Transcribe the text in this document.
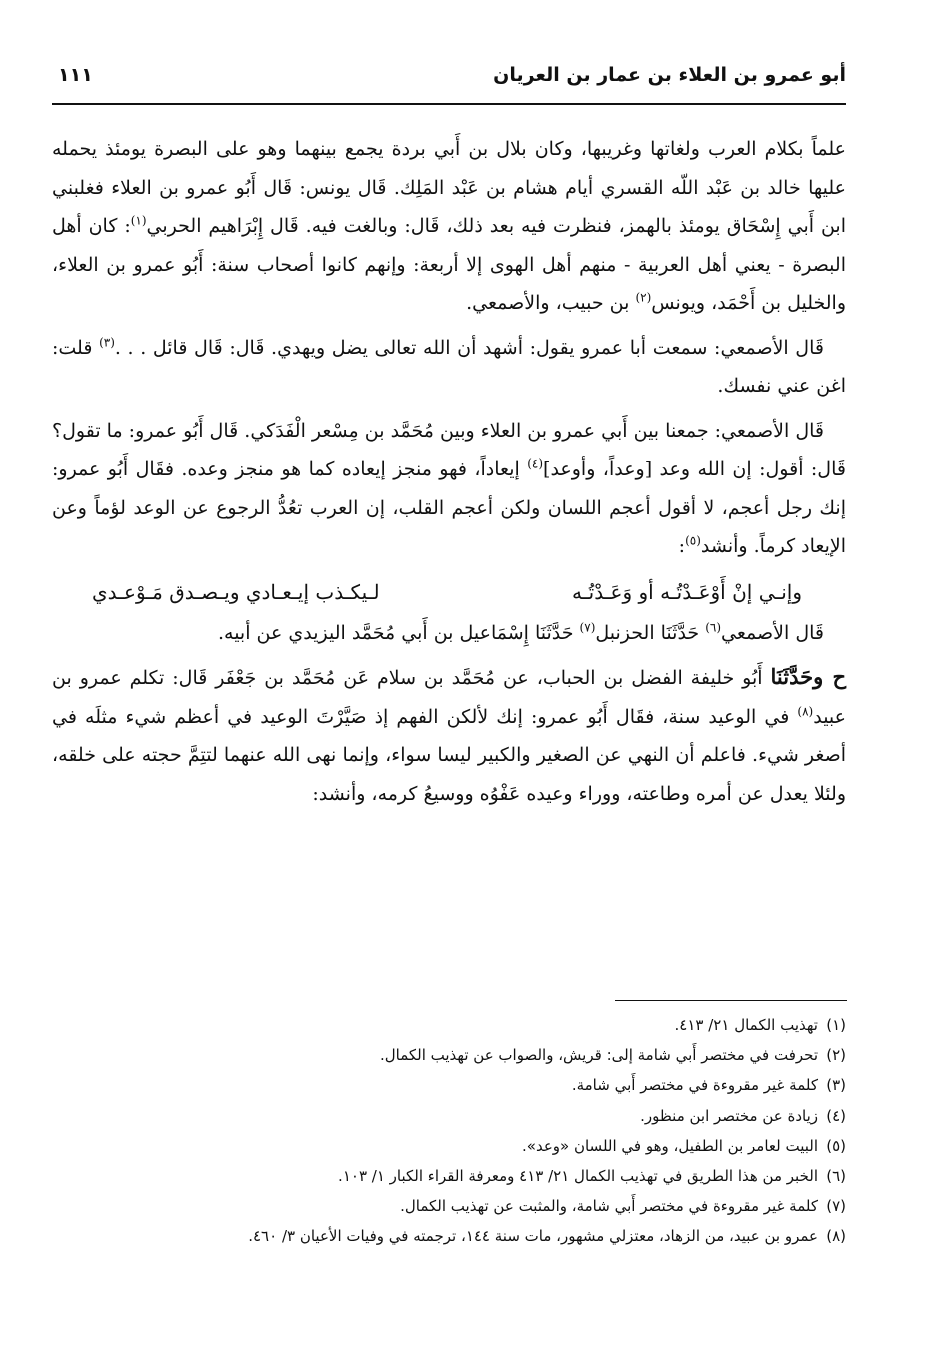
أبو عمرو بن العلاء بن عمار بن العريان
١١١

علماً بكلام العرب ولغاتها وغريبها، وكان بلال بن أَبي بردة يجمع بينهما وهو على البصرة يومئذ يحمله عليها خالد بن عَبْد اللّه القسري أيام هشام بن عَبْد المَلِك. قَال يونس: قَال أَبُو عمرو بن العلاء فغلبني ابن أَبي إِسْحَاق يومئذ بالهمز، فنظرت فيه بعد ذلك، قَال: وبالغت فيه. قَال إِبْرَاهيم الحربي$^{(١)}$: كان أهل البصرة - يعني أهل العربية - منهم أهل الهوى إلا أربعة: وإنهم كانوا أصحاب سنة: أَبُو عمرو بن العلاء، والخليل بن أَحْمَد، ويونس$^{(٢)}$ بن حبيب، والأصمعي.

قَال الأصمعي: سمعت أبا عمرو يقول: أشهد أن الله تعالى يضل ويهدي. قَال: قَال قائل . . .$^{(٣)}$ قلت: اغن عني نفسك.

قَال الأصمعي: جمعنا بين أَبي عمرو بن العلاء وبين مُحَمَّد بن مِسْعر الْفَدَكي. قَال أَبُو عمرو: ما تقول؟ قَال: أقول: إن الله وعد [وعداً، وأوعد]$^{(٤)}$ إيعاداً، فهو منجز إيعاده كما هو منجز وعده. فقَال أَبُو عمرو: إنك رجل أعجم، لا أقول أعجم اللسان ولكن أعجم القلب، إن العرب تعُدُّ الرجوع عن الوعد لؤماً وعن الإيعاد كرماً. وأنشد$^{(٥)}$:

وإنـي إنْ أَوْعَـدْتُـه أو وَعَـدْتُـه
لـيكـذب إيـعـادي ويـصـدق مَـوْعـدي

قَال الأصمعي$^{(٦)}$ حَدَّثَنَا الحزنبل$^{(٧)}$ حَدَّثَنَا إِسْمَاعيل بن أَبي مُحَمَّد اليزيدي عن أبيه.

ح وحَدَّثَنَا أَبُو خليفة الفضل بن الحباب، عن مُحَمَّد بن سلام عَن مُحَمَّد بن جَعْفَر قَال: تكلم عمرو بن عبيد$^{(٨)}$ في الوعيد سنة، فقَال أَبُو عمرو: إنك لألكن الفهم إذ صَيَّرْتَ الوعيد في أعظم شيء مثلَه في أصغر شيء. فاعلم أن النهي عن الصغير والكبير ليسا سواء، وإنما نهى الله عنهما لتتِمَّ حجته على خلقه، ولئلا يعدل عن أمره وطاعته، ووراء وعيده عَفْوُه ووسيعُ كرمه، وأنشد:

(١)تهذيب الكمال ٢١/ ٤١٣.
(٢)تحرفت في مختصر أَبي شامة إلى: قريش، والصواب عن تهذيب الكمال.
(٣)كلمة غير مقروءة في مختصر أَبي شامة.
(٤)زيادة عن مختصر ابن منظور.
(٥)البيت لعامر بن الطفيل، وهو في اللسان «وعد».
(٦)الخبر من هذا الطريق في تهذيب الكمال ٢١/ ٤١٣ ومعرفة القراء الكبار ١/ ١٠٣.
(٧)كلمة غير مقروءة في مختصر أَبي شامة، والمثبت عن تهذيب الكمال.
(٨)عمرو بن عبيد، من الزهاد، معتزلي مشهور، مات سنة ١٤٤، ترجمته في وفيات الأعيان ٣/ ٤٦٠.
